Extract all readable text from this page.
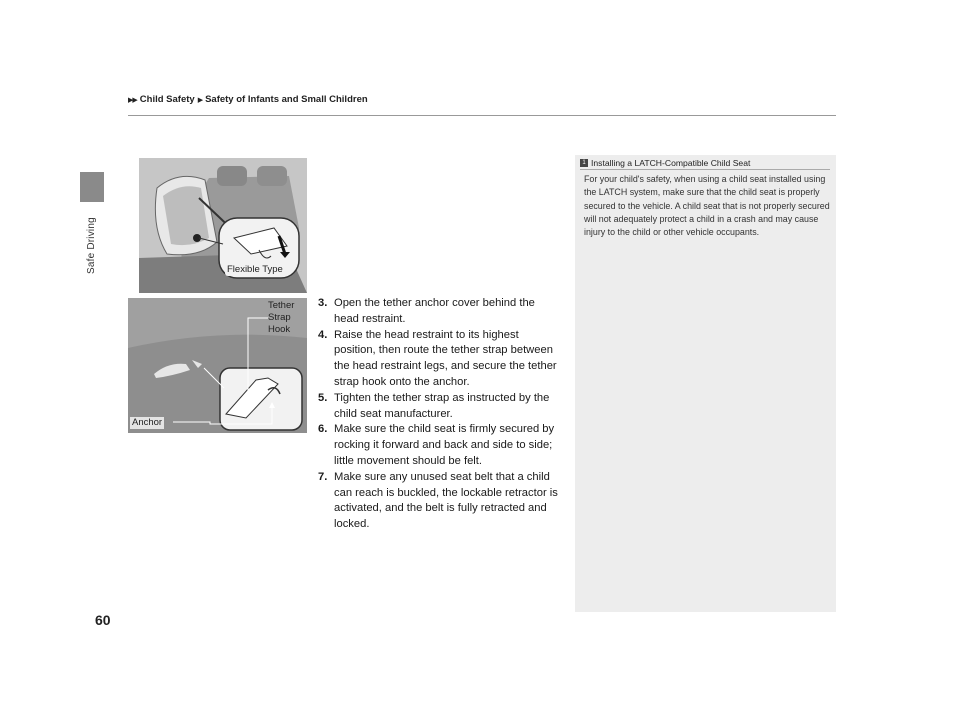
▶▶ Child Safety ▶ Safety of Infants and Small Children
Safe Driving	Flexible Type
Tether
Strap
Hook
Anchor
3. Open the tether anchor cover behind the head restraint.
4. Raise the head restraint to its highest position, then route the tether strap between the head restraint legs, and secure the tether strap hook onto the anchor.
5. Tighten the tether strap as instructed by the child seat manufacturer.
6. Make sure the child seat is firmly secured by rocking it forward and back and side to side; little movement should be felt.
7. Make sure any unused seat belt that a child can reach is buckled, the lockable retractor is activated, and the belt is fully retracted and locked.
1 Installing a LATCH-Compatible Child Seat
For your child's safety, when using a child seat installed using the LATCH system, make sure that the child seat is properly secured to the vehicle. A child seat that is not properly secured will not adequately protect a child in a crash and may cause injury to the child or other vehicle occupants.
60
